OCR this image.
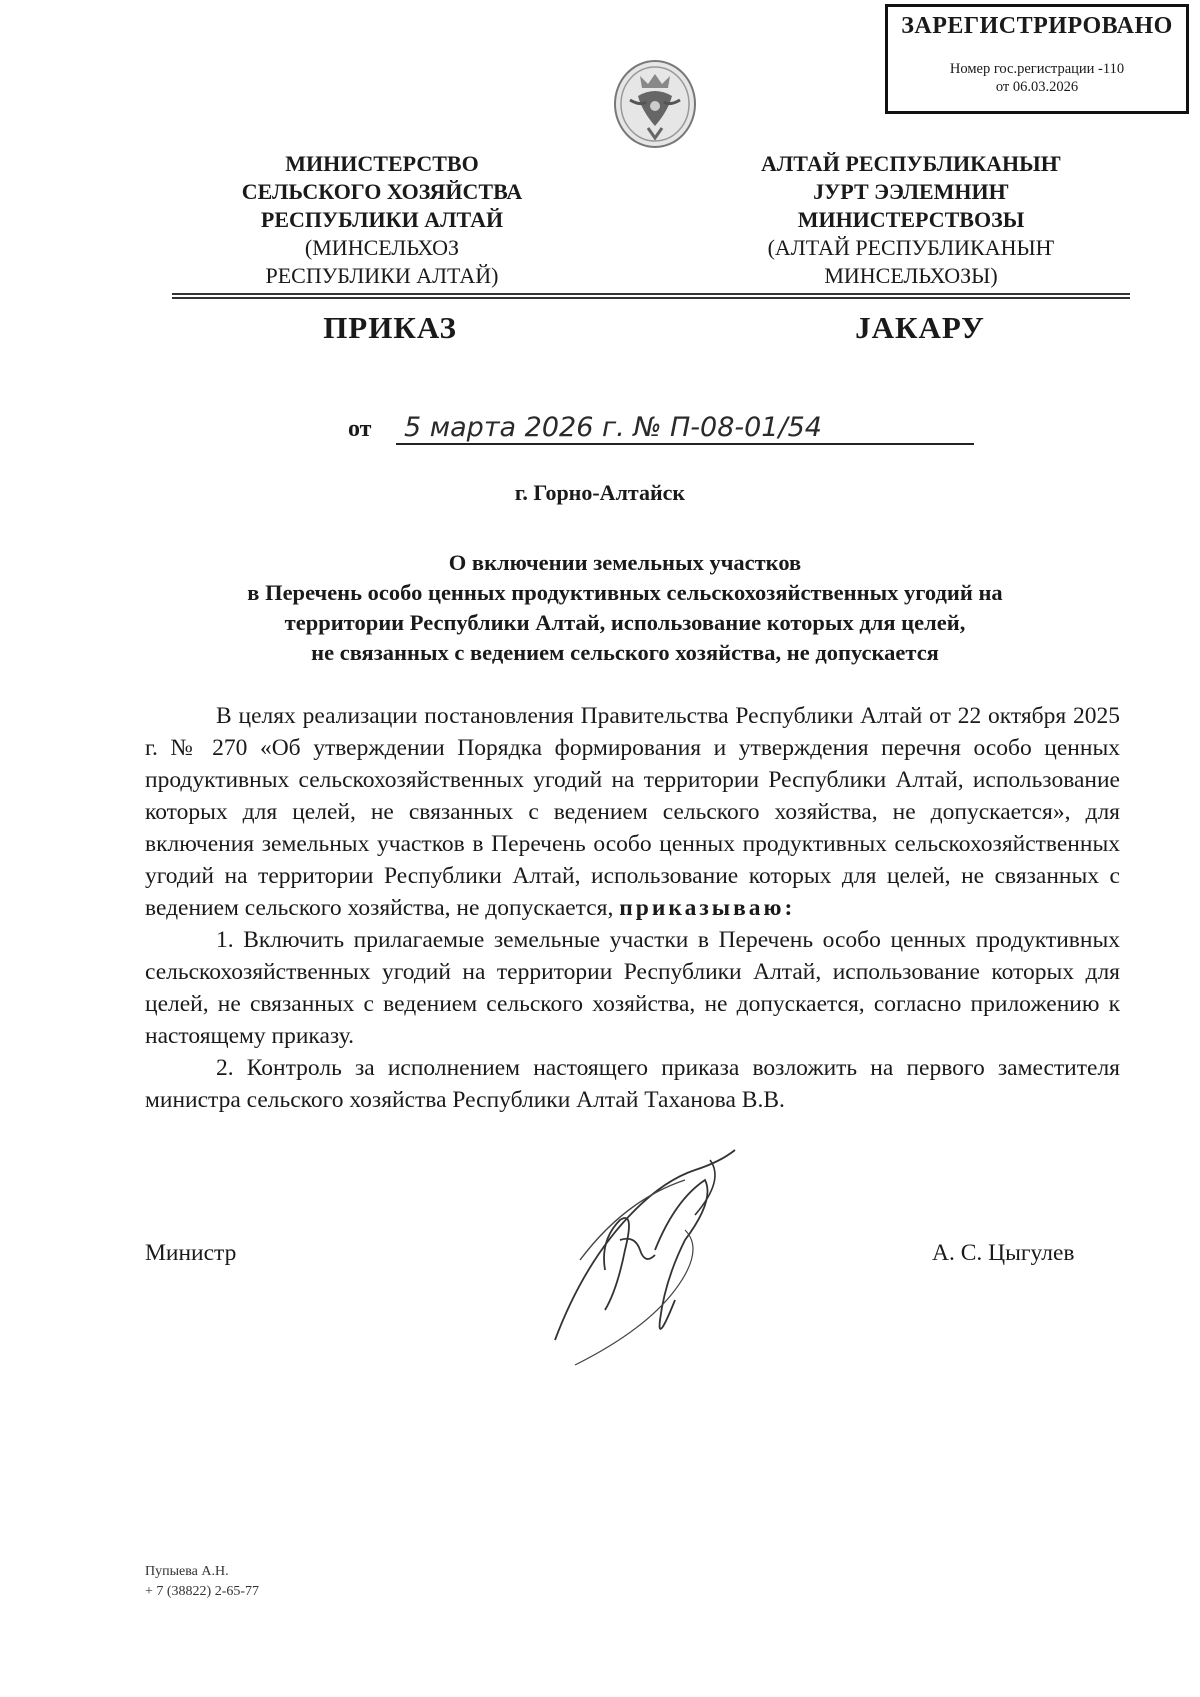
ЗАРЕГИСТРИРОВАНО
Номер гос.регистрации -110
от 06.03.2026
МИНИСТЕРСТВО
СЕЛЬСКОГО ХОЗЯЙСТВА
РЕСПУБЛИКИ АЛТАЙ
(МИНСЕЛЬХОЗ
РЕСПУБЛИКИ АЛТАЙ)
АЛТАЙ РЕСПУБЛИКАНЫҤ
ЈУРТ ЭЭЛЕМНИҤ
МИНИСТЕРСТВОЗЫ
(АЛТАЙ РЕСПУБЛИКАНЫҤ
МИНСЕЛЬХОЗЫ)
ПРИКАЗ	ЈАКАРУ
от 5 марта 2026 г. № П-08-01/54
г. Горно-Алтайск
О включении земельных участков
в Перечень особо ценных продуктивных сельскохозяйственных угодий на
территории Республики Алтай, использование которых для целей,
не связанных с ведением сельского хозяйства, не допускается

В целях реализации постановления Правительства Республики Алтай от 22 октября 2025 г. № 270 «Об утверждении Порядка формирования и утверждения перечня особо ценных продуктивных сельскохозяйственных угодий на территории Республики Алтай, использование которых для целей, не связанных с ведением сельского хозяйства, не допускается», для включения земельных участков в Перечень особо ценных продуктивных сельскохозяйственных угодий на территории Республики Алтай, использование которых для целей, не связанных с ведением сельского хозяйства, не допускается, приказываю:

1. Включить прилагаемые земельные участки в Перечень особо ценных продуктивных сельскохозяйственных угодий на территории Республики Алтай, использование которых для целей, не связанных с ведением сельского хозяйства, не допускается, согласно приложению к настоящему приказу.

2. Контроль за исполнением настоящего приказа возложить на первого заместителя министра сельского хозяйства Республики Алтай Таханова В.В.

Министр	А. С. Цыгулев
Пупыева А.Н.
+ 7 (38822) 2-65-77
